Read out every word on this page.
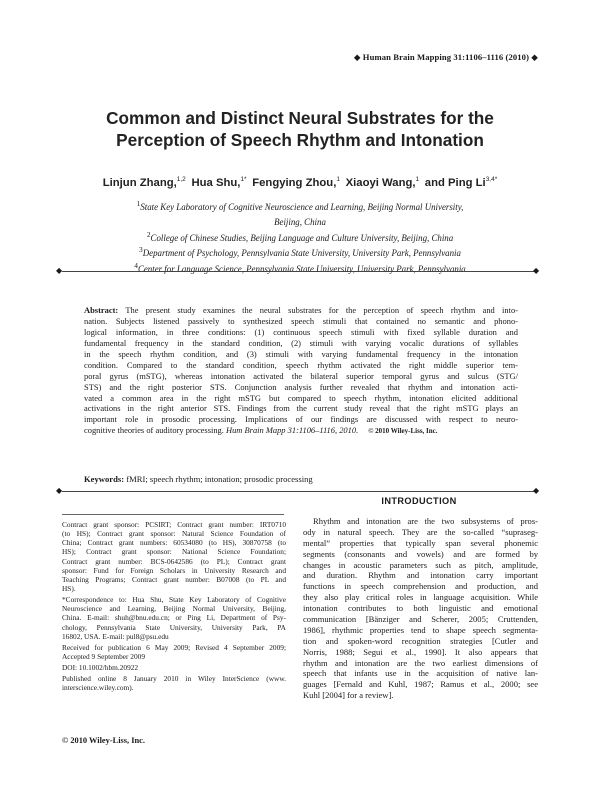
◆ Human Brain Mapping 31:1106–1116 (2010) ◆
Common and Distinct Neural Substrates for the
Perception of Speech Rhythm and Intonation
Linjun Zhang,$^{1,2}$  Hua Shu,$^{1*}$  Fengying Zhou,$^1$  Xiaoyi Wang,$^1$  and Ping $Li^{3,4*}$
$^1$State Key Laboratory of Cognitive Neuroscience and Learning, Beijing Normal University,
Beijing, China
$^2$College of Chinese Studies, Beijing Language and Culture University, Beijing, China
$^3$Department of Psychology, Pennsylvania State University, University Park, Pennsylvania
$^4$Center for Language Science, Pennsylvania State University, University Park, Pennsylvania
◆	◆
Abstract: The present study examines the neural substrates for the perception of speech rhythm and into-
nation. Subjects listened passively to synthesized speech stimuli that contained no semantic and phono-
logical information, in three conditions: (1) continuous speech stimuli with fixed syllable duration and
fundamental frequency in the standard condition, (2) stimuli with varying vocalic durations of syllables
in the speech rhythm condition, and (3) stimuli with varying fundamental frequency in the intonation
condition. Compared to the standard condition, speech rhythm activated the right middle superior tem-
poral gyrus (mSTG), whereas intonation activated the bilateral superior temporal gyrus and sulcus (STG/
STS) and the right posterior STS. Conjunction analysis further revealed that rhythm and intonation acti-
vated a common area in the right mSTG but compared to speech rhythm, intonation elicited additional
activations in the right anterior STS. Findings from the current study reveal that the right mSTG plays an
important role in prosodic processing. Implications of our findings are discussed with respect to neuro-
cognitive theories of auditory processing. Hum Brain Mapp 31:1106–1116, 2010. © 2010 Wiley-Liss, Inc.
Keywords: fMRI; speech rhythm; intonation; prosodic processing
◆	◆
INTRODUCTION
Rhythm and intonation are the two subsystems of pros-
ody in natural speech. They are the so-called “supraseg-
mental” properties that typically span several phonemic
segments (consonants and vowels) and are formed by
changes in acoustic parameters such as pitch, amplitude,
and duration. Rhythm and intonation carry important
functions in speech comprehension and production, and
they also play critical roles in language acquisition. While
intonation contributes to both linguistic and emotional
communication [Bänziger and Scherer, 2005; Cruttenden,
1986], rhythmic properties tend to shape speech segmenta-
tion and spoken-word recognition strategies [Cutler and
Norris, 1988; Segui et al., 1990]. It also appears that
rhythm and intonation are the two earliest dimensions of
speech that infants use in the acquisition of native lan-
guages [Fernald and Kuhl, 1987; Ramus et al., 2000; see
Kuhl [2004] for a review].
Contract grant sponsor: PCSIRT; Contract grant number: IRT0710
(to HS); Contract grant sponsor: Natural Science Foundation of
China; Contract grant numbers: 60534080 (to HS), 30870758 (to
HS); Contract grant sponsor: National Science Foundation;
Contract grant number: BCS-0642586 (to PL); Contract grant
sponsor: Fund for Foreign Scholars in University Research and
Teaching Programs; Contract grant number: B07008 (to PL and
HS).
*Correspondence to: Hua Shu, State Key Laboratory of Cognitive
Neuroscience and Learning, Beijing Normal University, Beijing,
China. E-mail: shuh@bnu.edu.cn; or Ping Li, Department of Psy-
chology, Pennsylvania State University, University Park, PA
16802, USA. E-mail: pul8@psu.edu
Received for publication 6 May 2009; Revised 4 September 2009;
Accepted 9 September 2009
DOI: 10.1002/hbm.20922
Published online 8 January 2010 in Wiley InterScience (www.
interscience.wiley.com).
© 2010 Wiley-Liss, Inc.
